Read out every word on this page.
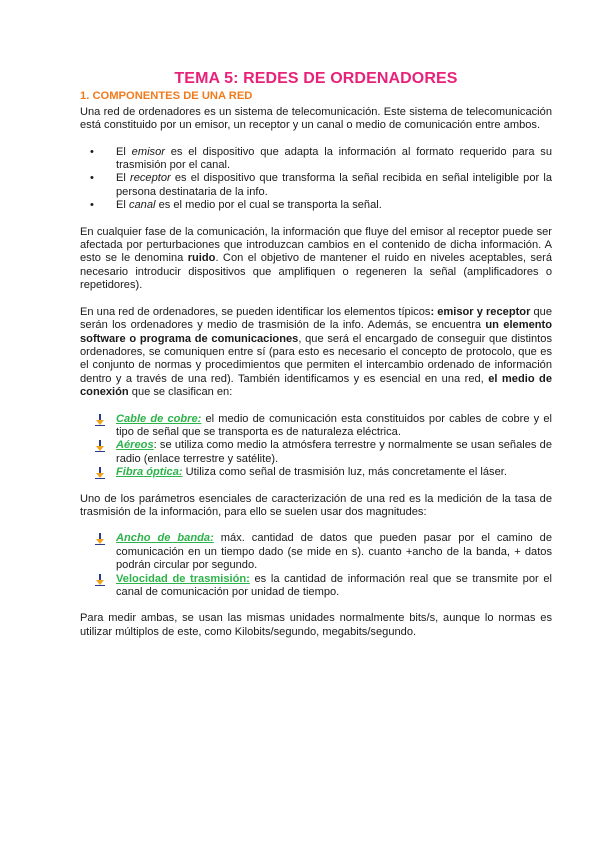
TEMA 5: REDES DE ORDENADORES
1. COMPONENTES DE UNA RED

Una red de ordenadores es un sistema de telecomunicación. Este sistema de telecomunicación está constituido por un emisor, un receptor y un canal o medio de comunicación entre ambos.

• El emisor es el dispositivo que adapta la información al formato requerido para su trasmisión por el canal.

• El receptor es el dispositivo que transforma la señal recibida en señal inteligible por la persona destinataria de la info.

• El canal es el medio por el cual se transporta la señal.

En cualquier fase de la comunicación, la información que fluye del emisor al receptor puede ser afectada por perturbaciones que introduzcan cambios en el contenido de dicha información. A esto se le denomina ruido. Con el objetivo de mantener el ruido en niveles aceptables, será necesario introducir dispositivos que amplifiquen o regeneren la señal (amplificadores o repetidores).

En una red de ordenadores, se pueden identificar los elementos típicos: emisor y receptor que serán los ordenadores y medio de trasmisión de la info. Además, se encuentra un elemento software o programa de comunicaciones, que será el encargado de conseguir que distintos ordenadores, se comuniquen entre sí (para esto es necesario el concepto de protocolo, que es el conjunto de normas y procedimientos que permiten el intercambio ordenado de información dentro y a través de una red). También identificamos y es esencial en una red, el medio de conexión que se clasifican en:

Cable de cobre: el medio de comunicación esta constituidos por cables de cobre y el tipo de señal que se transporta es de naturaleza eléctrica.

Aéreos: se utiliza como medio la atmósfera terrestre y normalmente se usan señales de radio (enlace terrestre y satélite).

Fibra óptica: Utiliza como señal de trasmisión luz, más concretamente el láser.

Uno de los parámetros esenciales de caracterización de una red es la medición de la tasa de trasmisión de la información, para ello se suelen usar dos magnitudes:

Ancho de banda: máx. cantidad de datos que pueden pasar por el camino de comunicación en un tiempo dado (se mide en s). cuanto +ancho de la banda, + datos podrán circular por segundo.

Velocidad de trasmisión: es la cantidad de información real que se transmite por el canal de comunicación por unidad de tiempo.

Para medir ambas, se usan las mismas unidades normalmente bits/s, aunque lo normas es utilizar múltiplos de este, como Kilobits/segundo, megabits/segundo.
